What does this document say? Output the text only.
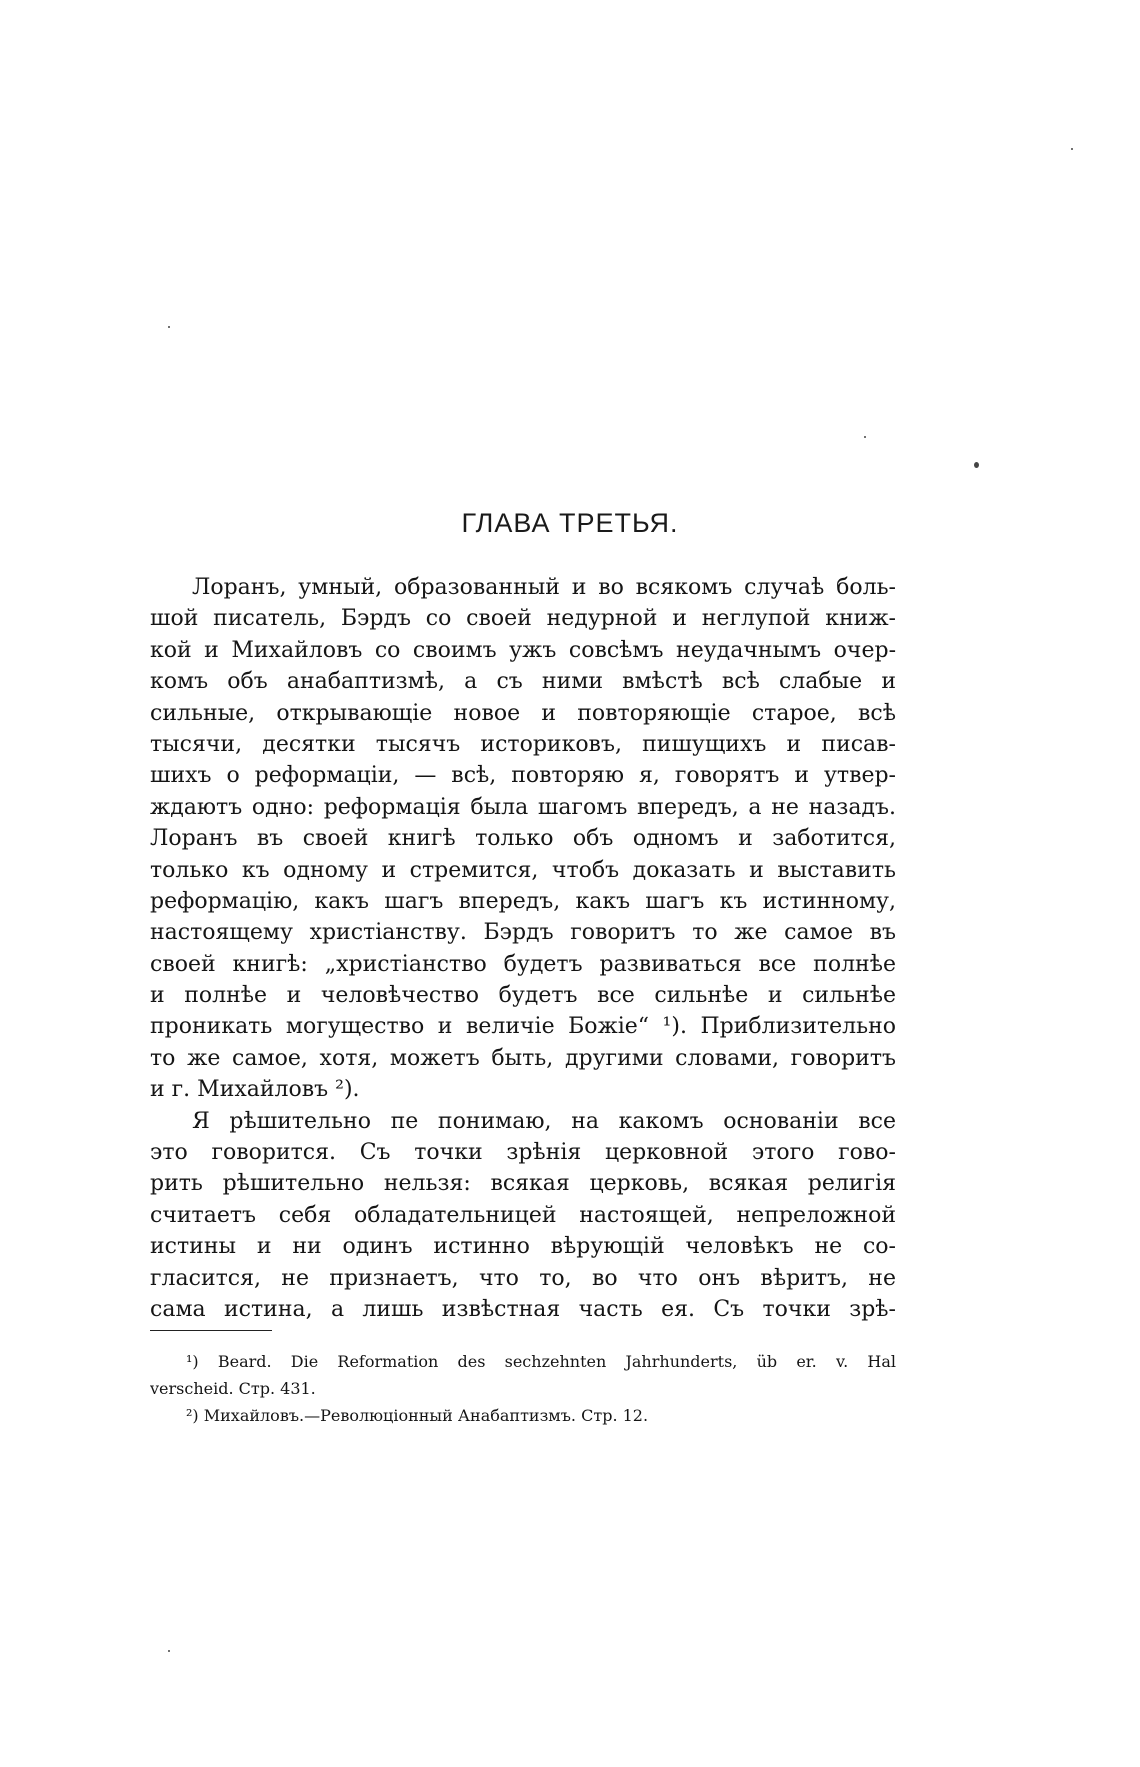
ГЛАВА ТРЕТЬЯ.
Лоранъ, умный, образованный и во всякомъ случаѣ боль-
шой писатель, Бэрдъ со своей недурной и неглупой книж-
кой и Михайловъ со своимъ ужъ совсѣмъ неудачнымъ очер-
комъ объ анабаптизмѣ, а съ ними вмѣстѣ всѣ слабые и
сильные, открывающіе новое и повторяющіе старое, всѣ
тысячи, десятки тысячъ историковъ, пишущихъ и писав-
шихъ о реформаціи, — всѣ, повторяю я, говорятъ и утвер-
ждаютъ одно: реформація была шагомъ впередъ, а не назадъ.
Лоранъ въ своей книгѣ только объ одномъ и заботится,
только къ одному и стремится, чтобъ доказать и выставить
реформацію, какъ шагъ впередъ, какъ шагъ къ истинному,
настоящему христіанству. Бэрдъ говоритъ то же самое въ
своей книгѣ: „христіанство будетъ развиваться все полнѣе
и полнѣе и человѣчество будетъ все сильнѣе и сильнѣе
проникать могущество и величіе Божіе“ ¹). Приблизительно
то же самое, хотя, можетъ быть, другими словами, говоритъ
и г. Михайловъ ²).
Я рѣшительно пе понимаю, на какомъ основаніи все
это говорится. Съ точки зрѣнія церковной этого гово-
рить рѣшительно нельзя: всякая церковь, всякая религія
считаетъ себя обладательницей настоящей, непреложной
истины и ни одинъ истинно вѣрующій человѣкъ не со-
гласится, не признаетъ, что то, во что онъ вѣритъ, не
сама истина, а лишь извѣстная часть ея. Съ точки зрѣ-
¹) Beard. Die Reformation des sechzehnten Jahrhunderts, üb er. v. Hal
verscheid. Стр. 431.
²) Михайловъ.—Революціонный Анабаптизмъ. Стр. 12.
